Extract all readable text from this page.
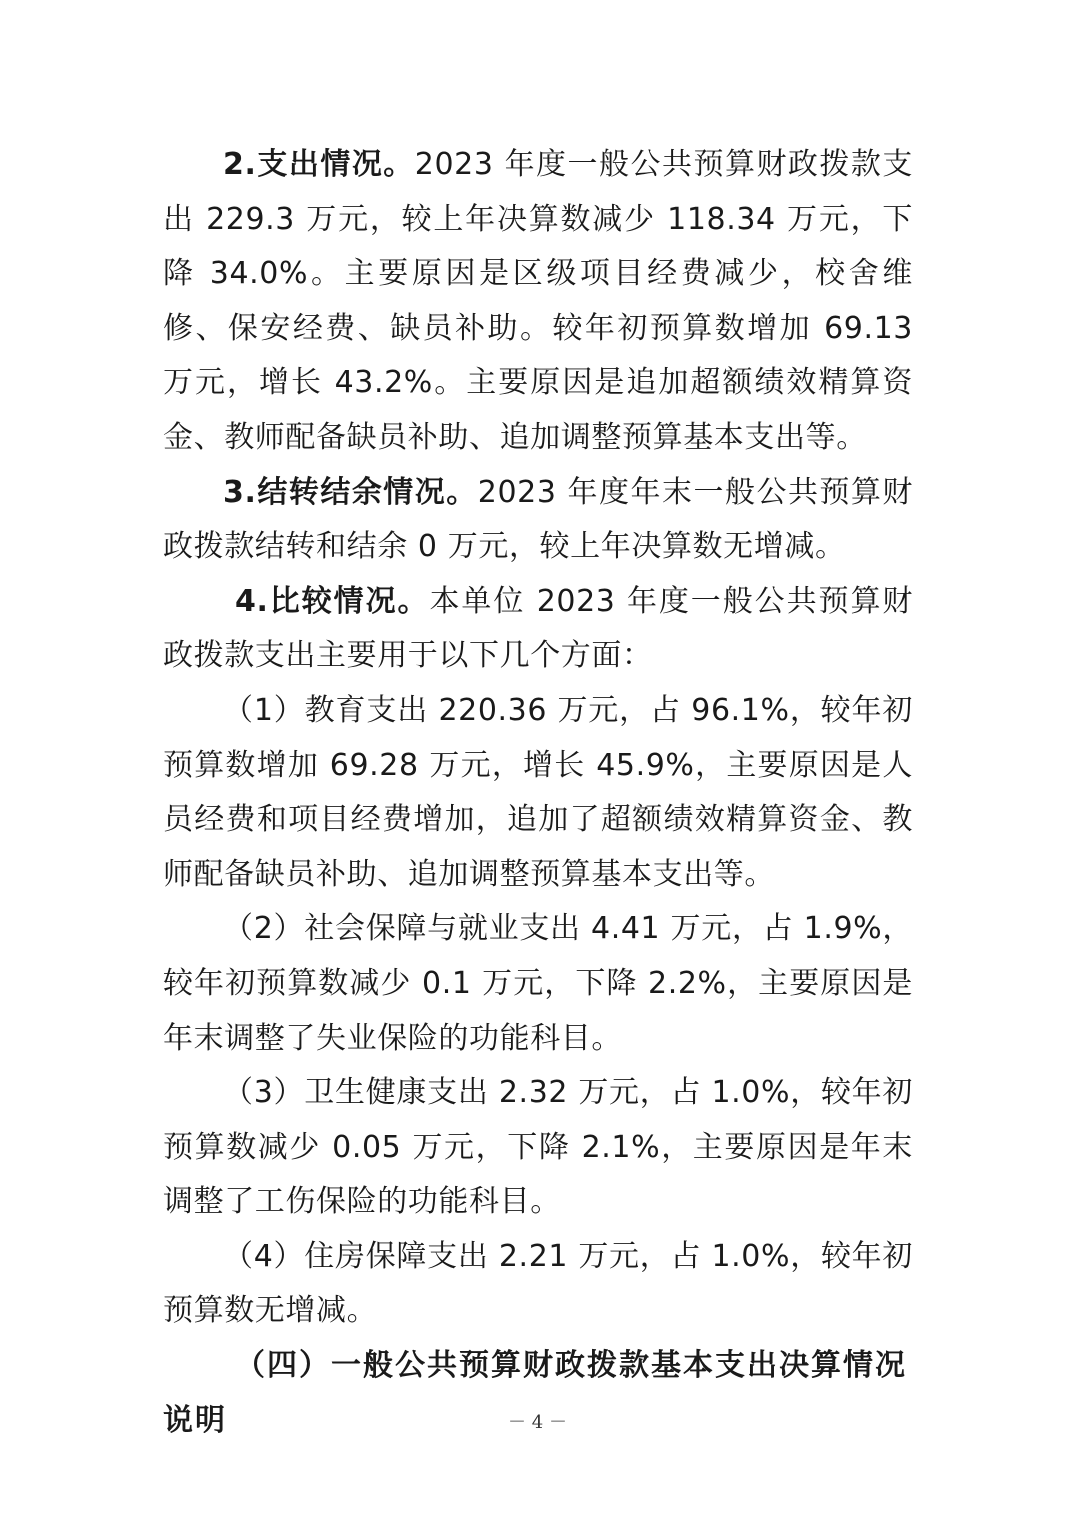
2.支出情况。2023 年度一般公共预算财政拨款支出 229.3 万元，较上年决算数减少 118.34 万元，下降 34.0%。主要原因是区级项目经费减少，校舍维修、保安经费、缺员补助。较年初预算数增加 69.13 万元，增长 43.2%。主要原因是追加超额绩效精算资金、教师配备缺员补助、追加调整预算基本支出等。

3.结转结余情况。2023 年度年末一般公共预算财政拨款结转和结余 0 万元，较上年决算数无增减。

4.比较情况。本单位 2023 年度一般公共预算财政拨款支出主要用于以下几个方面：

（1）教育支出 220.36 万元，占 96.1%，较年初预算数增加 69.28 万元，增长 45.9%，主要原因是人员经费和项目经费增加，追加了超额绩效精算资金、教师配备缺员补助、追加调整预算基本支出等。

（2）社会保障与就业支出 4.41 万元，占 1.9%，较年初预算数减少 0.1 万元，下降 2.2%，主要原因是年末调整了失业保险的功能科目。

（3）卫生健康支出 2.32 万元，占 1.0%，较年初预算数减少 0.05 万元，下降 2.1%，主要原因是年末调整了工伤保险的功能科目。

（4）住房保障支出 2.21 万元，占 1.0%，较年初预算数无增减。

（四）一般公共预算财政拨款基本支出决算情况说明	－ 4 －
